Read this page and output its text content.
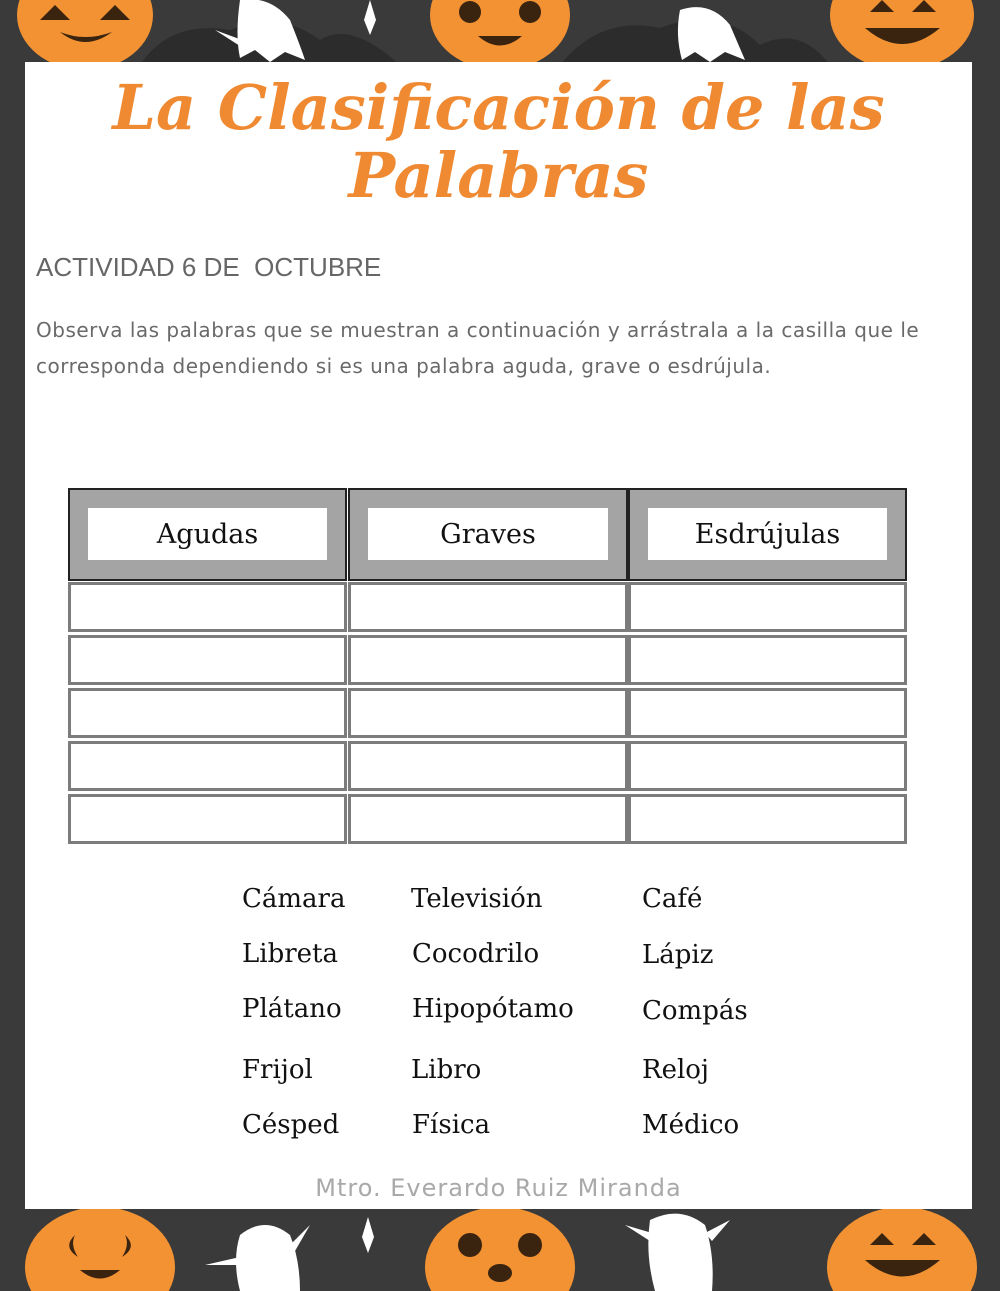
La Clasificación de las
Palabras

ACTIVIDAD 6 DE  OCTUBRE

Observa las palabras que se muestran a continuación y arrástrala a la casilla que le corresponda dependiendo si es una palabra aguda, grave o esdrújula.

Agudas	Graves	Esdrújulas
Cámara	Televisión	Café
Libreta	Cocodrilo	Lápiz
Plátano	Hipopótamo	Compás
Frijol	Libro	Reloj
Césped	Física	Médico
Mtro. Everardo Ruiz Miranda
